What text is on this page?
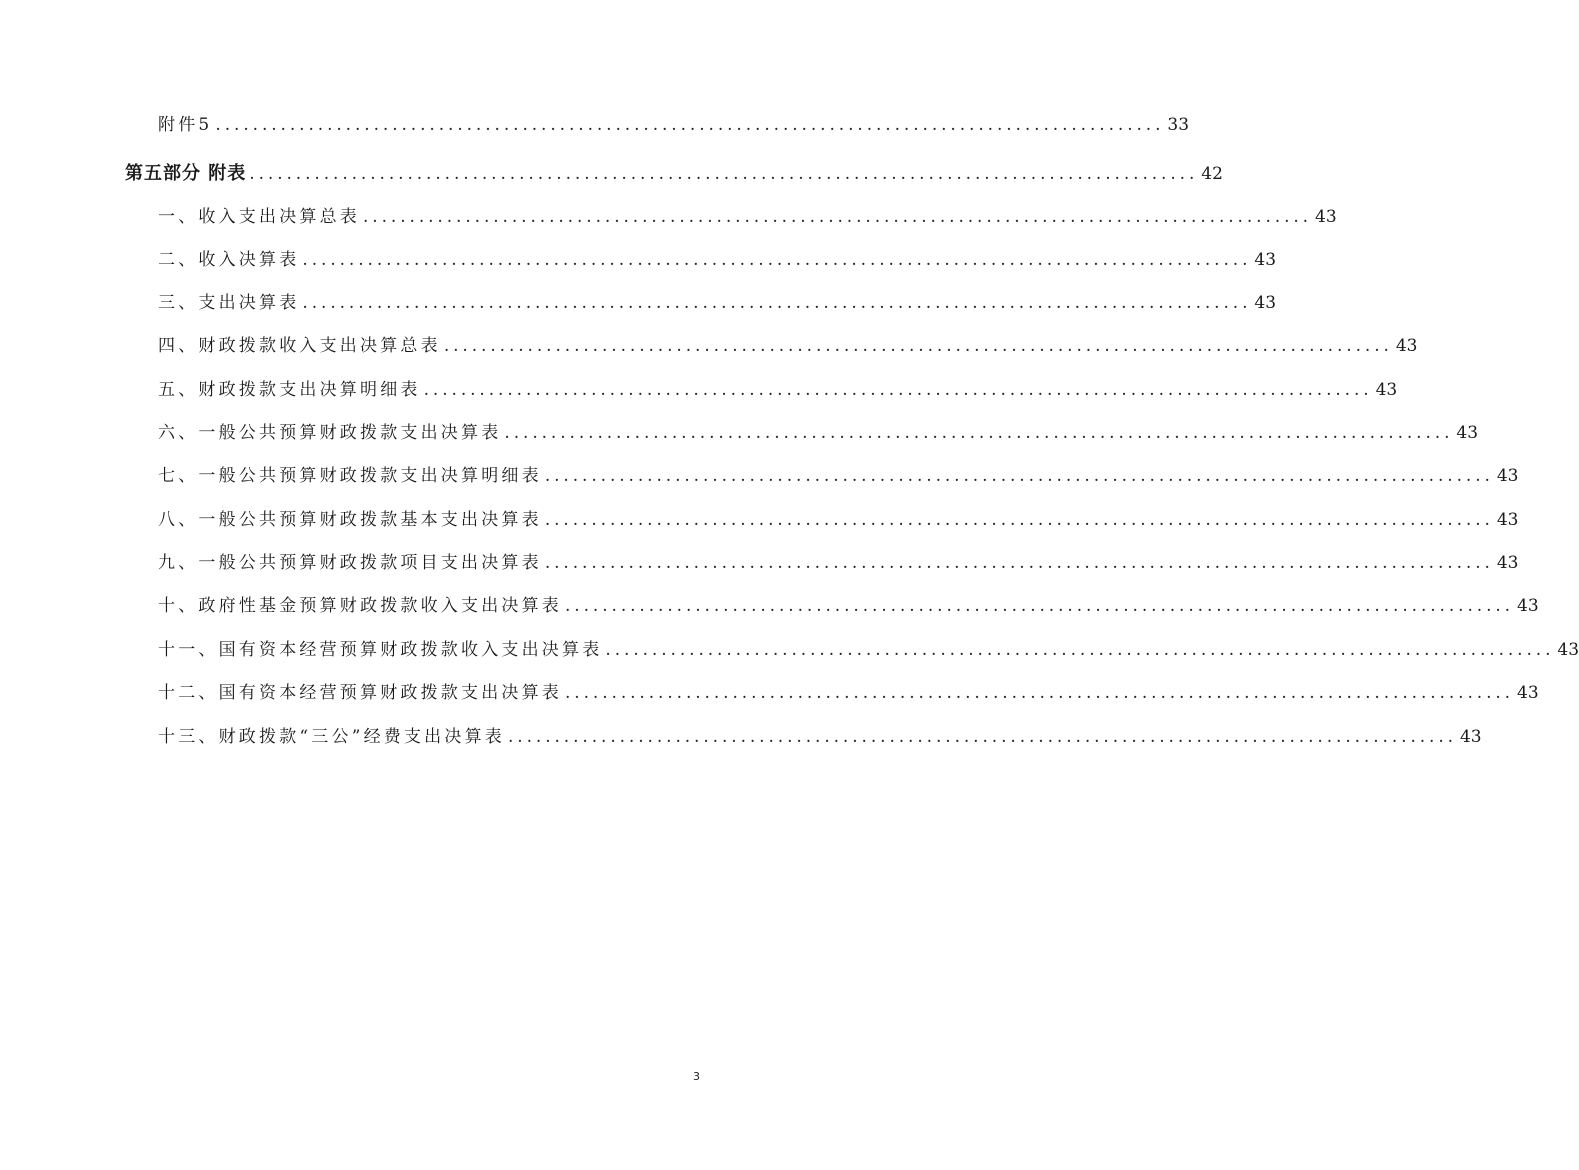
附件5 ...................................................................................................... 33
第五部分 附表 ...................................................................................................... 42
一、收入支出决算总表 ...................................................................................................... 43
二、收入决算表 ...................................................................................................... 43
三、支出决算表 ...................................................................................................... 43
四、财政拨款收入支出决算总表 ...................................................................................................... 43
五、财政拨款支出决算明细表 ...................................................................................................... 43
六、一般公共预算财政拨款支出决算表 ...................................................................................................... 43
七、一般公共预算财政拨款支出决算明细表 ...................................................................................................... 43
八、一般公共预算财政拨款基本支出决算表 ...................................................................................................... 43
九、一般公共预算财政拨款项目支出决算表 ...................................................................................................... 43
十、政府性基金预算财政拨款收入支出决算表 ...................................................................................................... 43
十一、国有资本经营预算财政拨款收入支出决算表 ...................................................................................................... 43
十二、国有资本经营预算财政拨款支出决算表 ...................................................................................................... 43
十三、财政拨款“三公”经费支出决算表 ...................................................................................................... 43
3
